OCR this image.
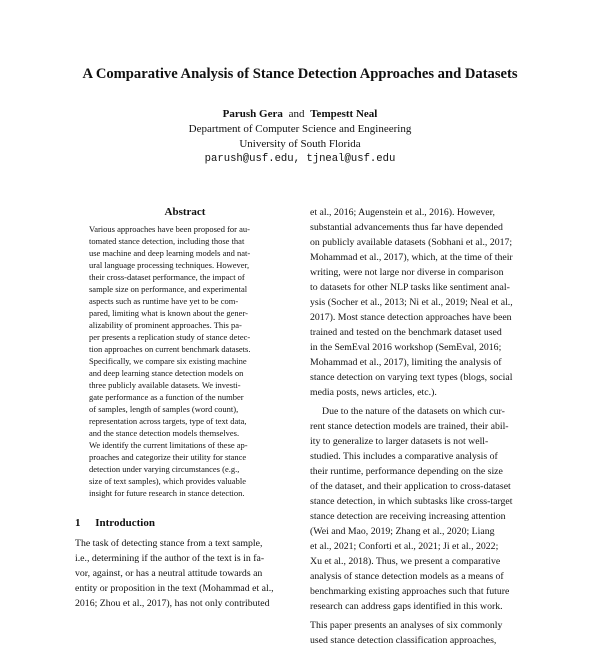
A Comparative Analysis of Stance Detection Approaches and Datasets
Parush Gera and Tempestt Neal
Department of Computer Science and Engineering
University of South Florida
parush@usf.edu, tjneal@usf.edu
Abstract
Various approaches have been proposed for au-
tomated stance detection, including those that
use machine and deep learning models and nat-
ural language processing techniques. However,
their cross-dataset performance, the impact of
sample size on performance, and experimental
aspects such as runtime have yet to be com-
pared, limiting what is known about the gener-
alizability of prominent approaches. This pa-
per presents a replication study of stance detec-
tion approaches on current benchmark datasets.
Specifically, we compare six existing machine
and deep learning stance detection models on
three publicly available datasets. We investi-
gate performance as a function of the number
of samples, length of samples (word count),
representation across targets, type of text data,
and the stance detection models themselves.
We identify the current limitations of these ap-
proaches and categorize their utility for stance
detection under varying circumstances (e.g.,
size of text samples), which provides valuable
insight for future research in stance detection.
1 Introduction
The task of detecting stance from a text sample,
i.e., determining if the author of the text is in fa-
vor, against, or has a neutral attitude towards an
entity or proposition in the text (Mohammad et al.,
2016; Zhou et al., 2017), has not only contributed
et al., 2016; Augenstein et al., 2016). However,
substantial advancements thus far have depended
on publicly available datasets (Sobhani et al., 2017;
Mohammad et al., 2017), which, at the time of their
writing, were not large nor diverse in comparison
to datasets for other NLP tasks like sentiment anal-
ysis (Socher et al., 2013; Ni et al., 2019; Neal et al.,
2017). Most stance detection approaches have been
trained and tested on the benchmark dataset used
in the SemEval 2016 workshop (SemEval, 2016;
Mohammad et al., 2017), limiting the analysis of
stance detection on varying text types (blogs, social
media posts, news articles, etc.).
Due to the nature of the datasets on which cur-
rent stance detection models are trained, their abil-
ity to generalize to larger datasets is not well-
studied. This includes a comparative analysis of
their runtime, performance depending on the size
of the dataset, and their application to cross-dataset
stance detection, in which subtasks like cross-target
stance detection are receiving increasing attention
(Wei and Mao, 2019; Zhang et al., 2020; Liang
et al., 2021; Conforti et al., 2021; Ji et al., 2022;
Xu et al., 2018). Thus, we present a comparative
analysis of stance detection models as a means of
benchmarking existing approaches such that future
research can address gaps identified in this work.
This paper presents an analyses of six commonly
used stance detection classification approaches,
